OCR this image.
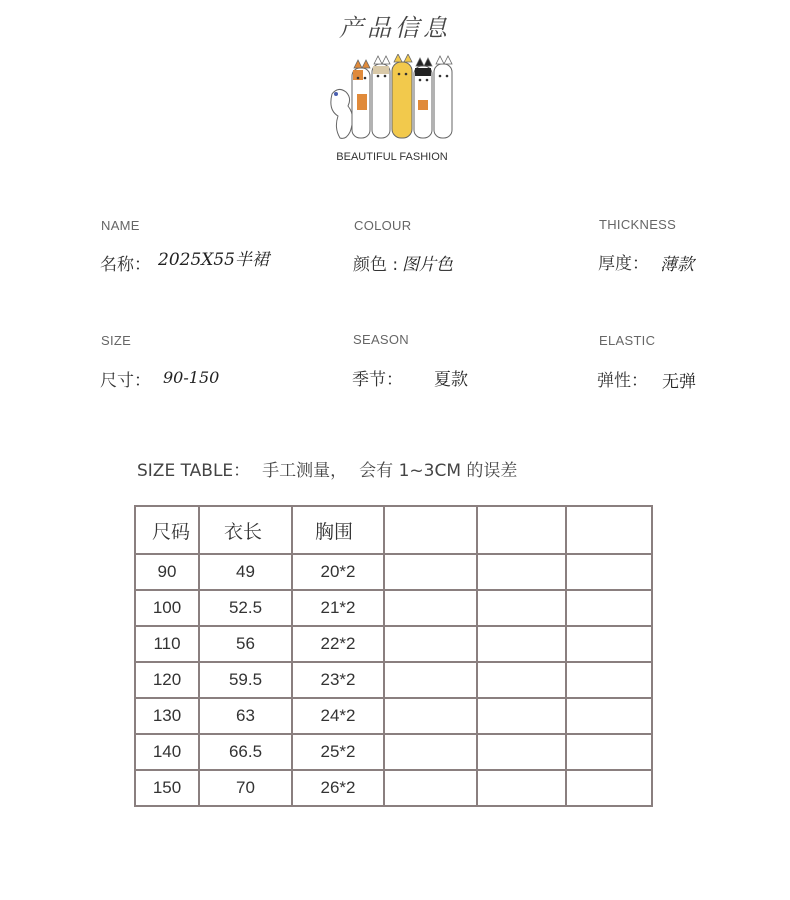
产品信息
BEAUTIFUL FASHION
NAME
名称： 2025X55半裙
COLOUR
颜色 : 图片色
THICKNESS
厚度： 薄款
SIZE
尺寸： 90-150
SEASON
季节： 夏款
ELASTIC
弹性： 无弹
SIZE TABLE： 手工测量， 会有 1~3CM 的误差
尺码	衣长	胸围			
90	49	20*2			
100	52.5	21*2			
110	56	22*2			
120	59.5	23*2			
130	63	24*2			
140	66.5	25*2			
150	70	26*2			
